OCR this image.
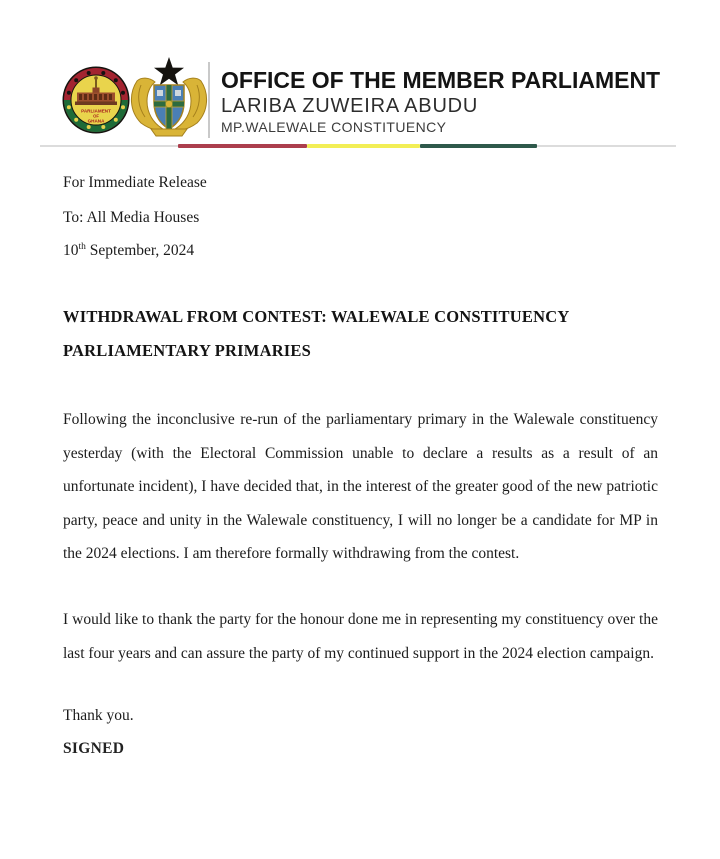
PARLIAMENT
OF
GHANA
OFFICE OF THE MEMBER PARLIAMENT
LARIBA ZUWEIRA ABUDU
MP.WALEWALE CONSTITUENCY
For Immediate Release
To: All Media Houses
10th September, 2024
WITHDRAWAL FROM CONTEST: WALEWALE CONSTITUENCY PARLIAMENTARY PRIMARIES
Following the inconclusive re-run of the parliamentary primary in the Walewale constituency yesterday (with the Electoral Commission unable to declare a results as a result of an unfortunate incident), I have decided that, in the interest of the greater good of the new patriotic party, peace and unity in the Walewale constituency, I will no longer be a candidate for MP in the 2024 elections. I am therefore formally withdrawing from the contest.
I would like to thank the party for the honour done me in representing my constituency over the last four years and can assure the party of my continued support in the 2024 election campaign.
Thank you.
SIGNED
